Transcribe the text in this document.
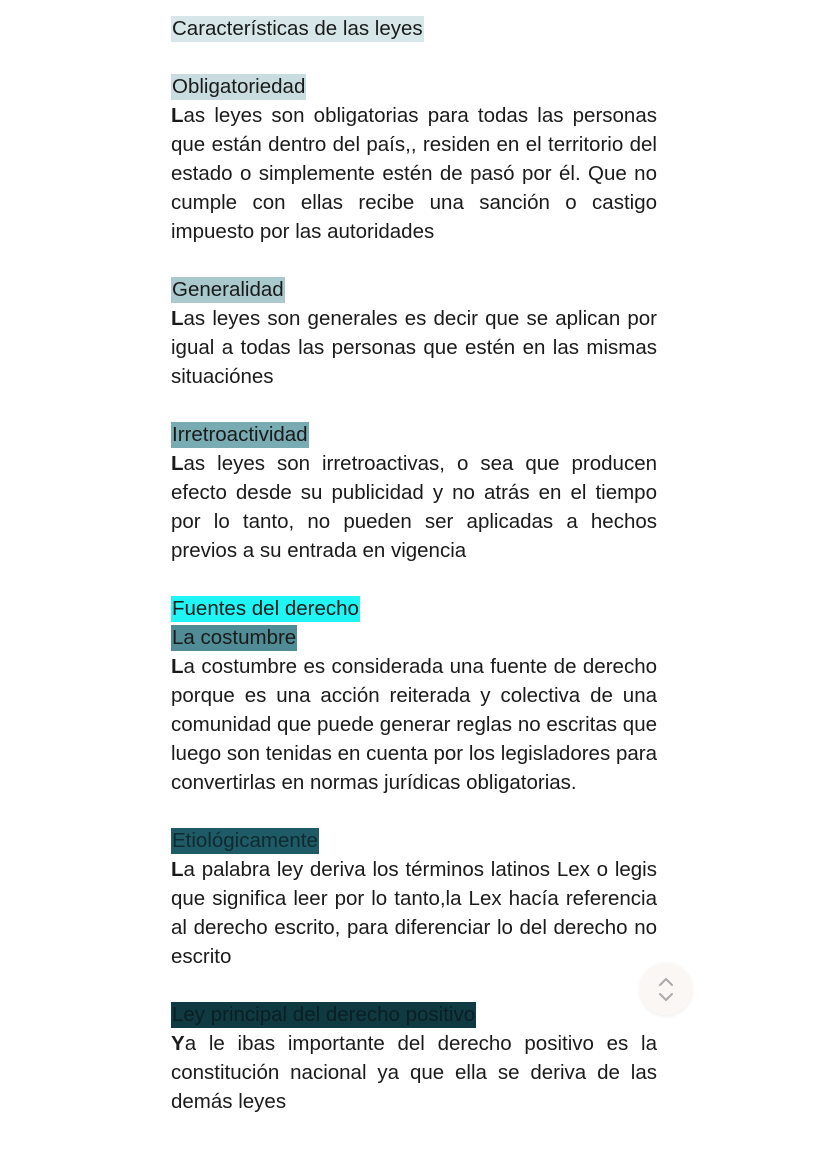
Características de las leyes

Obligatoriedad

Las leyes son obligatorias para todas las personas que están dentro del país,, residen en el territorio del estado o simplemente estén de pasó por él. Que no cumple con ellas recibe una sanción o castigo impuesto por las autoridades

Generalidad

Las leyes son generales es decir que se aplican por igual a todas las personas que estén en las mismas situaciónes

Irretroactividad

Las leyes son irretroactivas, o sea que producen efecto desde su publicidad y no atrás en el tiempo por lo tanto, no pueden ser aplicadas a hechos previos a su entrada en vigencia

Fuentes del derecho

La costumbre

La costumbre es considerada una fuente de derecho porque es una acción reiterada y colectiva de una comunidad que puede generar reglas no escritas que luego son tenidas en cuenta por los legisladores para convertirlas en normas jurídicas obligatorias.

Etiológicamente

La palabra ley deriva los términos latinos Lex o legis que significa leer por lo tanto,la Lex hacía referencia al derecho escrito, para diferenciar lo del derecho no escrito

Ley principal del derecho positivo

Ya le ibas importante del derecho positivo es la constitución nacional ya que ella se deriva de las demás leyes
